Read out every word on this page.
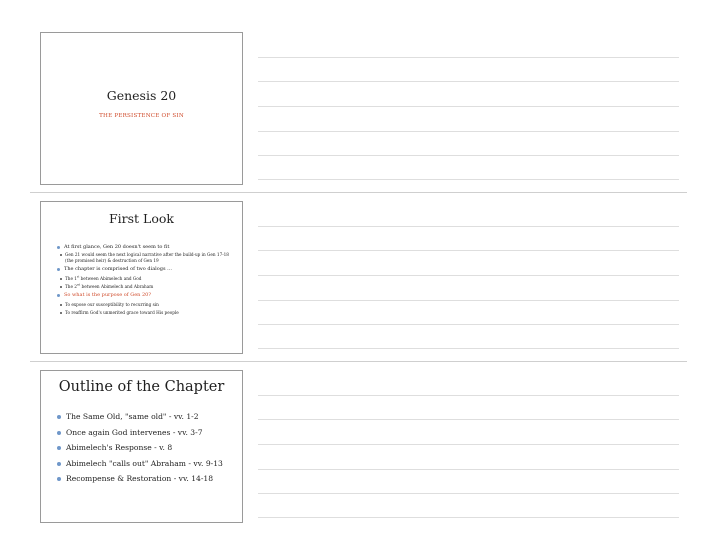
Genesis 20
THE PERSISTENCE OF SIN
First Look
At first glance, Gen 20 doesn't seem to fit
Gen 21 would seem the next logical narrative after the build-up in Gen 17-18 (the promised heir) & destruction of Gen 19
The chapter is comprised of two dialogs ...
The 1st between Abimelech and God
The 2nd between Abimelech and Abraham
So what is the purpose of Gen 20?
To expose our susceptibility to recurring sin
To reaffirm God's unmerited grace toward His people
Outline of the Chapter
The Same Old, "same old" - vv. 1-2
Once again God intervenes - vv. 3-7
Abimelech's Response - v. 8
Abimelech "calls out" Abraham - vv. 9-13
Recompense & Restoration - vv. 14-18
